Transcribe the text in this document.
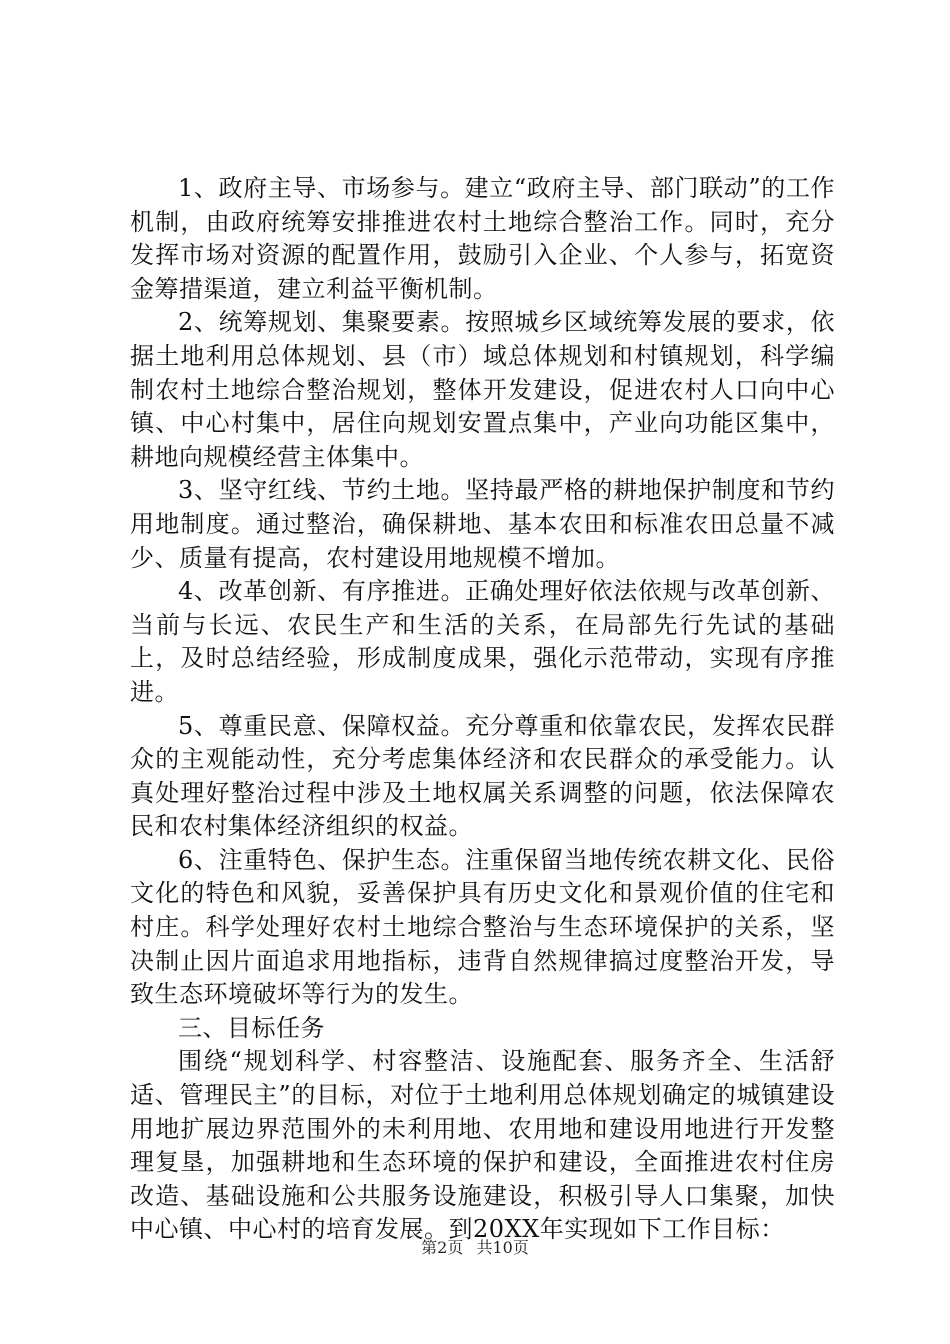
1、政府主导、市场参与。建立“政府主导、部门联动”的工作机制，由政府统筹安排推进农村土地综合整治工作。同时，充分发挥市场对资源的配置作用，鼓励引入企业、个人参与，拓宽资金筹措渠道，建立利益平衡机制。

2、统筹规划、集聚要素。按照城乡区域统筹发展的要求，依据土地利用总体规划、县（市）域总体规划和村镇规划，科学编制农村土地综合整治规划，整体开发建设，促进农村人口向中心镇、中心村集中，居住向规划安置点集中，产业向功能区集中，耕地向规模经营主体集中。

3、坚守红线、节约土地。坚持最严格的耕地保护制度和节约用地制度。通过整治，确保耕地、基本农田和标准农田总量不减少、质量有提高，农村建设用地规模不增加。

4、改革创新、有序推进。正确处理好依法依规与改革创新、当前与长远、农民生产和生活的关系，在局部先行先试的基础上，及时总结经验，形成制度成果，强化示范带动，实现有序推进。

5、尊重民意、保障权益。充分尊重和依靠农民，发挥农民群众的主观能动性，充分考虑集体经济和农民群众的承受能力。认真处理好整治过程中涉及土地权属关系调整的问题，依法保障农民和农村集体经济组织的权益。

6、注重特色、保护生态。注重保留当地传统农耕文化、民俗文化的特色和风貌，妥善保护具有历史文化和景观价值的住宅和村庄。科学处理好农村土地综合整治与生态环境保护的关系，坚决制止因片面追求用地指标，违背自然规律搞过度整治开发，导致生态环境破坏等行为的发生。

三、目标任务

围绕“规划科学、村容整洁、设施配套、服务齐全、生活舒适、管理民主”的目标，对位于土地利用总体规划确定的城镇建设用地扩展边界范围外的未利用地、农用地和建设用地进行开发整理复垦，加强耕地和生态环境的保护和建设，全面推进农村住房改造、基础设施和公共服务设施建设，积极引导人口集聚，加快中心镇、中心村的培育发展。到20XX年实现如下工作目标：

第2页 共10页
